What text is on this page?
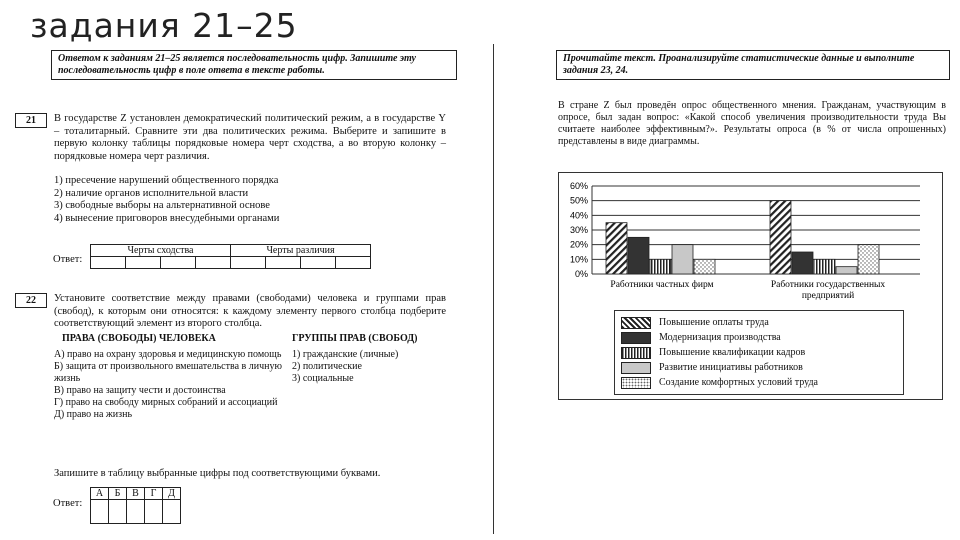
задания 21–25
Ответом к заданиям 21–25 является последовательность цифр. Запишите эту последовательность цифр в поле ответа в тексте работы.
21	В государстве Z установлен демократический политический режим, а в государстве Y – тоталитарный. Сравните эти два политических режима. Выберите и запишите в первую колонку таблицы порядковые номера черт сходства, а во вторую колонку – порядковые номера черт различия.
1) пресечение нарушений общественного порядка
2) наличие органов исполнительной власти
3) свободные выборы на альтернативной основе
4) вынесение приговоров внесудебными органами
Ответ:
Черты сходства				Черты различия			

22	Установите соответствие между правами (свободами) человека и группами прав (свобод), к которым они относятся: к каждому элементу первого столбца подберите соответствующий элемент из второго столбца.
ПРАВА (СВОБОДЫ) ЧЕЛОВЕКА	ГРУППЫ ПРАВ (СВОБОД)
А) право на охрану здоровья и медицинскую помощь
Б) защита от произвольного вмешательства в личную жизнь
В) право на защиту чести и достоинства
Г) право на свободу мирных собраний и ассоциаций
Д) право на жизнь
1) гражданские (личные)
2) политические
3) социальные
Запишите в таблицу выбранные цифры под соответствующими буквами.
Ответ:
А	Б	В	Г	Д

Прочитайте текст. Проанализируйте статистические данные и выполните задания 23, 24.
В стране Z был проведён опрос общественного мнения. Гражданам, участвующим в опросе, был задан вопрос: «Какой способ увеличения производительности труда Вы считаете наиболее эффективным?». Результаты опроса (в % от числа опрошенных) представлены в виде диаграммы.
0%
10%
20%
30%
40%
50%
60%
Работники частных фирм	Работники государственных предприятий
Повышение оплаты труда
Модернизация производства
Повышение квалификации кадров
Развитие инициативы работников
Создание комфортных условий труда
